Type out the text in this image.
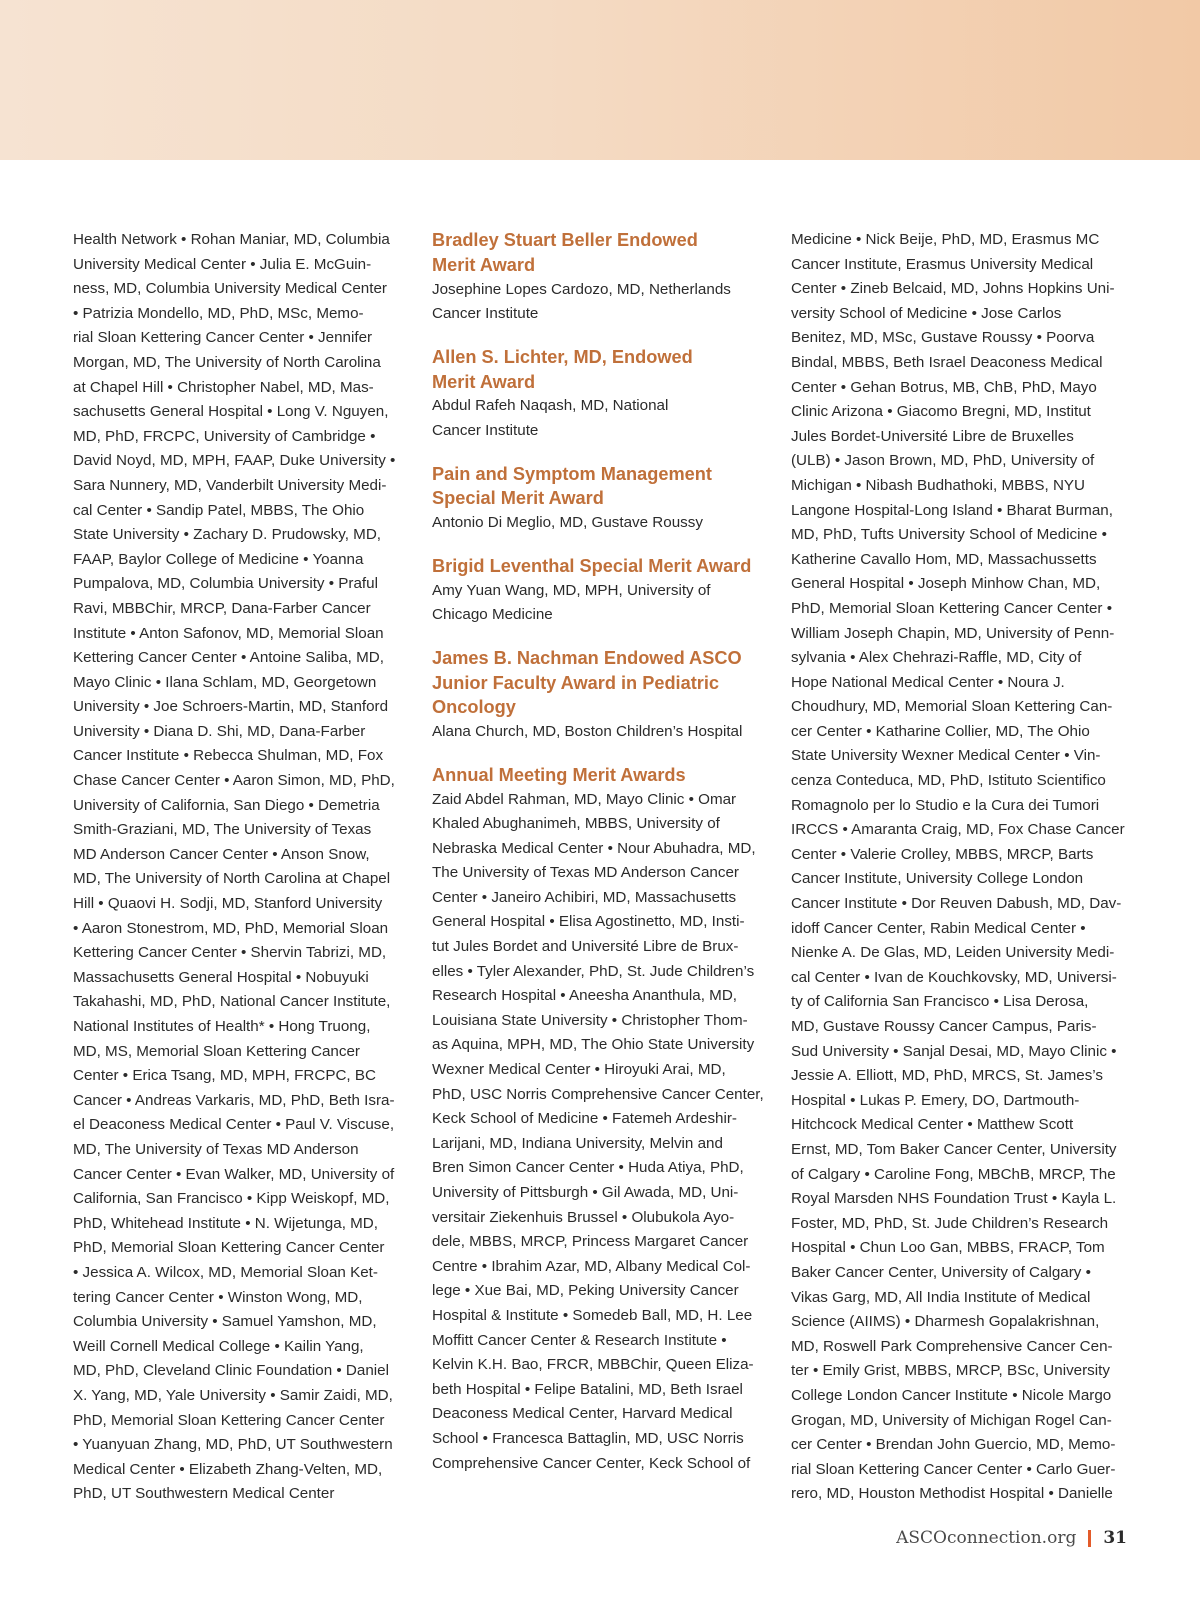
Health Network • Rohan Maniar, MD, Columbia
University Medical Center • Julia E. McGuin-
ness, MD, Columbia University Medical Center
• Patrizia Mondello, MD, PhD, MSc, Memo-
rial Sloan Kettering Cancer Center • Jennifer
Morgan, MD, The University of North Carolina
at Chapel Hill • Christopher Nabel, MD, Mas-
sachusetts General Hospital • Long V. Nguyen,
MD, PhD, FRCPC, University of Cambridge •
David Noyd, MD, MPH, FAAP, Duke University •
Sara Nunnery, MD, Vanderbilt University Medi-
cal Center • Sandip Patel, MBBS, The Ohio
State University • Zachary D. Prudowsky, MD,
FAAP, Baylor College of Medicine • Yoanna
Pumpalova, MD, Columbia University • Praful
Ravi, MBBChir, MRCP, Dana-Farber Cancer
Institute • Anton Safonov, MD, Memorial Sloan
Kettering Cancer Center • Antoine Saliba, MD,
Mayo Clinic • Ilana Schlam, MD, Georgetown
University • Joe Schroers-Martin, MD, Stanford
University • Diana D. Shi, MD, Dana-Farber
Cancer Institute • Rebecca Shulman, MD, Fox
Chase Cancer Center • Aaron Simon, MD, PhD,
University of California, San Diego • Demetria
Smith-Graziani, MD, The University of Texas
MD Anderson Cancer Center • Anson Snow,
MD, The University of North Carolina at Chapel
Hill • Quaovi H. Sodji, MD, Stanford University
• Aaron Stonestrom, MD, PhD, Memorial Sloan
Kettering Cancer Center • Shervin Tabrizi, MD,
Massachusetts General Hospital • Nobuyuki
Takahashi, MD, PhD, National Cancer Institute,
National Institutes of Health* • Hong Truong,
MD, MS, Memorial Sloan Kettering Cancer
Center • Erica Tsang, MD, MPH, FRCPC, BC
Cancer • Andreas Varkaris, MD, PhD, Beth Isra-
el Deaconess Medical Center • Paul V. Viscuse,
MD, The University of Texas MD Anderson
Cancer Center • Evan Walker, MD, University of
California, San Francisco • Kipp Weiskopf, MD,
PhD, Whitehead Institute • N. Wijetunga, MD,
PhD, Memorial Sloan Kettering Cancer Center
• Jessica A. Wilcox, MD, Memorial Sloan Ket-
tering Cancer Center • Winston Wong, MD,
Columbia University • Samuel Yamshon, MD,
Weill Cornell Medical College • Kailin Yang,
MD, PhD, Cleveland Clinic Foundation • Daniel
X. Yang, MD, Yale University • Samir Zaidi, MD,
PhD, Memorial Sloan Kettering Cancer Center
• Yuanyuan Zhang, MD, PhD, UT Southwestern
Medical Center • Elizabeth Zhang-Velten, MD,
PhD, UT Southwestern Medical Center

Bradley Stuart Beller Endowed
Merit Award

Josephine Lopes Cardozo, MD, Netherlands
Cancer Institute

Allen S. Lichter, MD, Endowed
Merit Award

Abdul Rafeh Naqash, MD, National
Cancer Institute

Pain and Symptom Management
Special Merit Award

Antonio Di Meglio, MD, Gustave Roussy

Brigid Leventhal Special Merit Award

Amy Yuan Wang, MD, MPH, University of
Chicago Medicine

James B. Nachman Endowed ASCO
Junior Faculty Award in Pediatric
Oncology

Alana Church, MD, Boston Children’s Hospital

Annual Meeting Merit Awards

Zaid Abdel Rahman, MD, Mayo Clinic • Omar
Khaled Abughanimeh, MBBS, University of
Nebraska Medical Center • Nour Abuhadra, MD,
The University of Texas MD Anderson Cancer
Center • Janeiro Achibiri, MD, Massachusetts
General Hospital • Elisa Agostinetto, MD, Insti-
tut Jules Bordet and Université Libre de Brux-
elles • Tyler Alexander, PhD, St. Jude Children’s
Research Hospital • Aneesha Ananthula, MD,
Louisiana State University • Christopher Thom-
as Aquina, MPH, MD, The Ohio State University
Wexner Medical Center • Hiroyuki Arai, MD,
PhD, USC Norris Comprehensive Cancer Center,
Keck School of Medicine • Fatemeh Ardeshir-
Larijani, MD, Indiana University, Melvin and
Bren Simon Cancer Center • Huda Atiya, PhD,
University of Pittsburgh • Gil Awada, MD, Uni-
versitair Ziekenhuis Brussel • Olubukola Ayo-
dele, MBBS, MRCP, Princess Margaret Cancer
Centre • Ibrahim Azar, MD, Albany Medical Col-
lege • Xue Bai, MD, Peking University Cancer
Hospital & Institute • Somedeb Ball, MD, H. Lee
Moffitt Cancer Center & Research Institute •
Kelvin K.H. Bao, FRCR, MBBChir, Queen Eliza-
beth Hospital • Felipe Batalini, MD, Beth Israel
Deaconess Medical Center, Harvard Medical
School • Francesca Battaglin, MD, USC Norris
Comprehensive Cancer Center, Keck School of

Medicine • Nick Beije, PhD, MD, Erasmus MC
Cancer Institute, Erasmus University Medical
Center • Zineb Belcaid, MD, Johns Hopkins Uni-
versity School of Medicine • Jose Carlos
Benitez, MD, MSc, Gustave Roussy • Poorva
Bindal, MBBS, Beth Israel Deaconess Medical
Center • Gehan Botrus, MB, ChB, PhD, Mayo
Clinic Arizona • Giacomo Bregni, MD, Institut
Jules Bordet-Université Libre de Bruxelles
(ULB) • Jason Brown, MD, PhD, University of
Michigan • Nibash Budhathoki, MBBS, NYU
Langone Hospital-Long Island • Bharat Burman,
MD, PhD, Tufts University School of Medicine •
Katherine Cavallo Hom, MD, Massachussetts
General Hospital • Joseph Minhow Chan, MD,
PhD, Memorial Sloan Kettering Cancer Center •
William Joseph Chapin, MD, University of Penn-
sylvania • Alex Chehrazi-Raffle, MD, City of
Hope National Medical Center • Noura J.
Choudhury, MD, Memorial Sloan Kettering Can-
cer Center • Katharine Collier, MD, The Ohio
State University Wexner Medical Center • Vin-
cenza Conteduca, MD, PhD, Istituto Scientifico
Romagnolo per lo Studio e la Cura dei Tumori
IRCCS • Amaranta Craig, MD, Fox Chase Cancer
Center • Valerie Crolley, MBBS, MRCP, Barts
Cancer Institute, University College London
Cancer Institute • Dor Reuven Dabush, MD, Dav-
idoff Cancer Center, Rabin Medical Center •
Nienke A. De Glas, MD, Leiden University Medi-
cal Center • Ivan de Kouchkovsky, MD, Universi-
ty of California San Francisco • Lisa Derosa,
MD, Gustave Roussy Cancer Campus, Paris-
Sud University • Sanjal Desai, MD, Mayo Clinic •
Jessie A. Elliott, MD, PhD, MRCS, St. James’s
Hospital • Lukas P. Emery, DO, Dartmouth-
Hitchcock Medical Center • Matthew Scott
Ernst, MD, Tom Baker Cancer Center, University
of Calgary • Caroline Fong, MBChB, MRCP, The
Royal Marsden NHS Foundation Trust • Kayla L.
Foster, MD, PhD, St. Jude Children’s Research
Hospital • Chun Loo Gan, MBBS, FRACP, Tom
Baker Cancer Center, University of Calgary •
Vikas Garg, MD, All India Institute of Medical
Science (AIIMS) • Dharmesh Gopalakrishnan,
MD, Roswell Park Comprehensive Cancer Cen-
ter • Emily Grist, MBBS, MRCP, BSc, University
College London Cancer Institute • Nicole Margo
Grogan, MD, University of Michigan Rogel Can-
cer Center • Brendan John Guercio, MD, Memo-
rial Sloan Kettering Cancer Center • Carlo Guer-
rero, MD, Houston Methodist Hospital • Danielle

ASCOconnection.org 31
